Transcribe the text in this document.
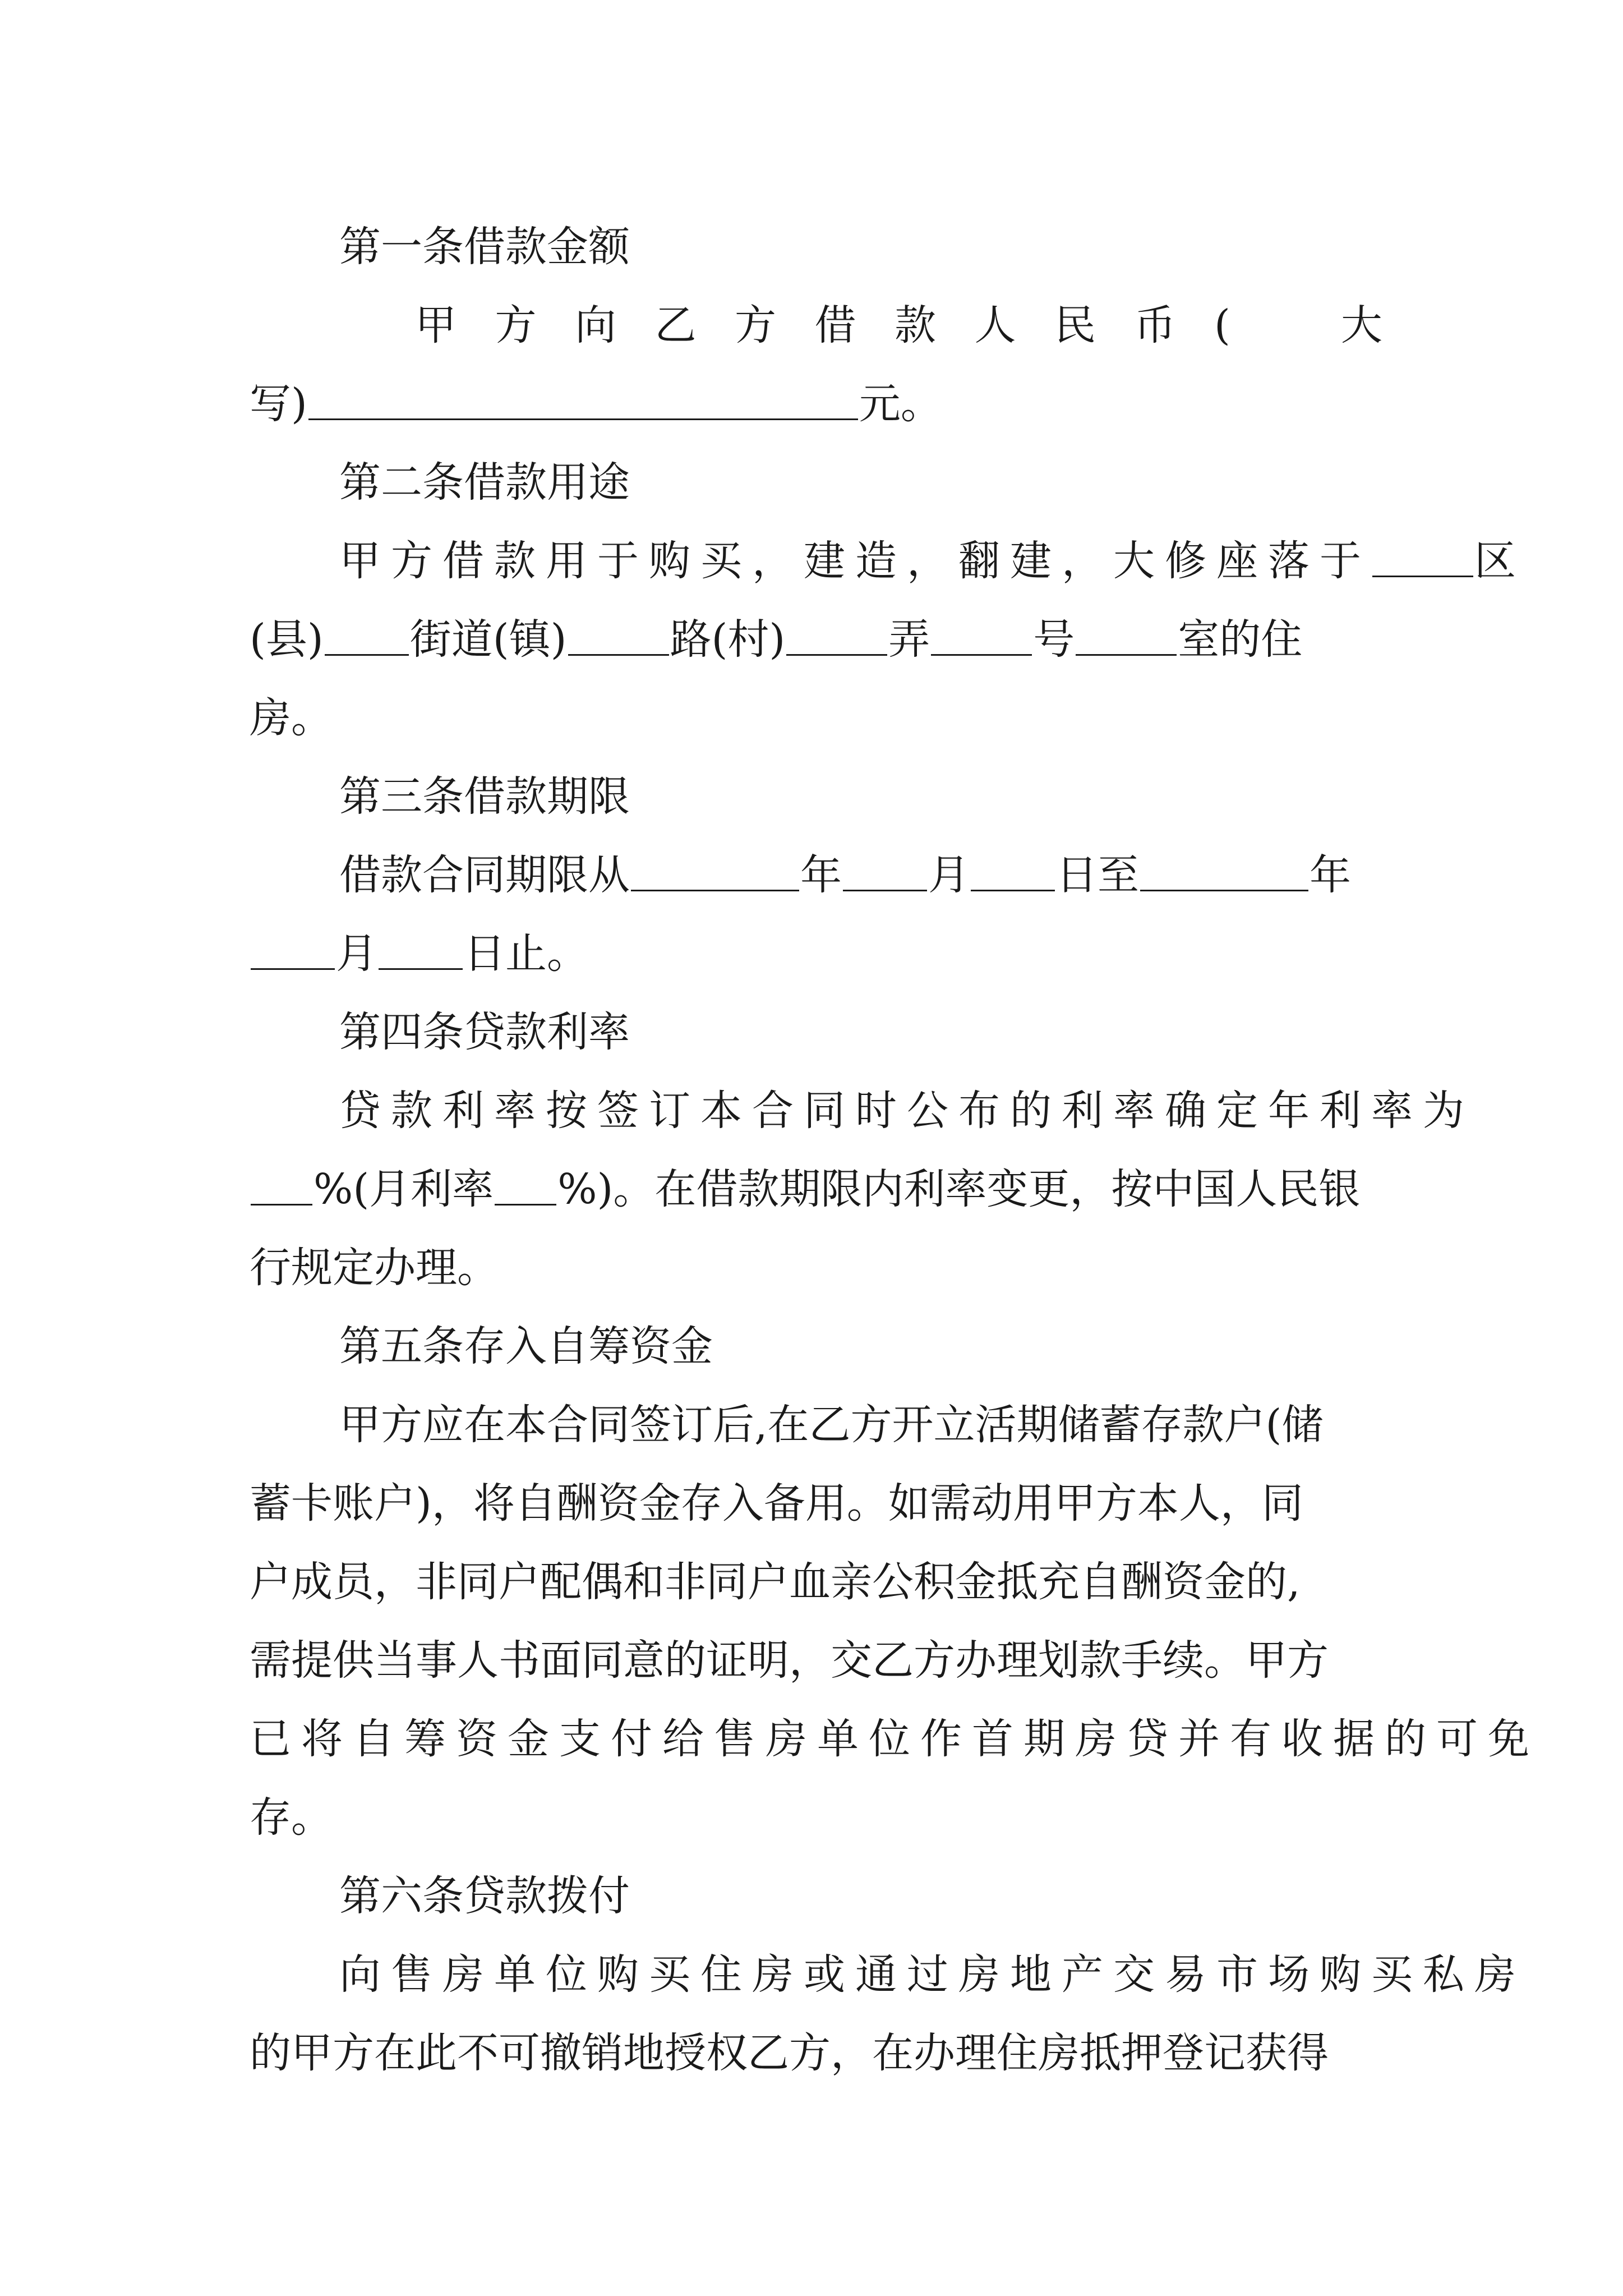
第一条借款金额
甲 方 向 乙 方 借 款 人 民 币 (	大
写)	元。
第二条借款用途
甲方借款用于购买，建造，翻建，大修座落于 区
(县) 街道(镇) 路(村) 弄 号 室的住
房。
第三条借款期限
借款合同期限从	年 月 日至	年
月 日止。
第四条贷款利率
贷款利率按签订本合同时公布的利率确定年利率为
%(月利率 %)。在借款期限内利率变更，按中国人民银
行规定办理。
第五条存入自筹资金
甲方应在本合同签订后,在乙方开立活期储蓄存款户(储
蓄卡账户)，将自酬资金存入备用。如需动用甲方本人，同
户成员，非同户配偶和非同户血亲公积金抵充自酬资金的,
需提供当事人书面同意的证明，交乙方办理划款手续。甲方
已将自筹资金支付给售房单位作首期房贷并有收据的可免
存。
第六条贷款拨付
向售房单位购买住房或通过房地产交易市场购买私房
的甲方在此不可撤销地授权乙方，在办理住房抵押登记获得
